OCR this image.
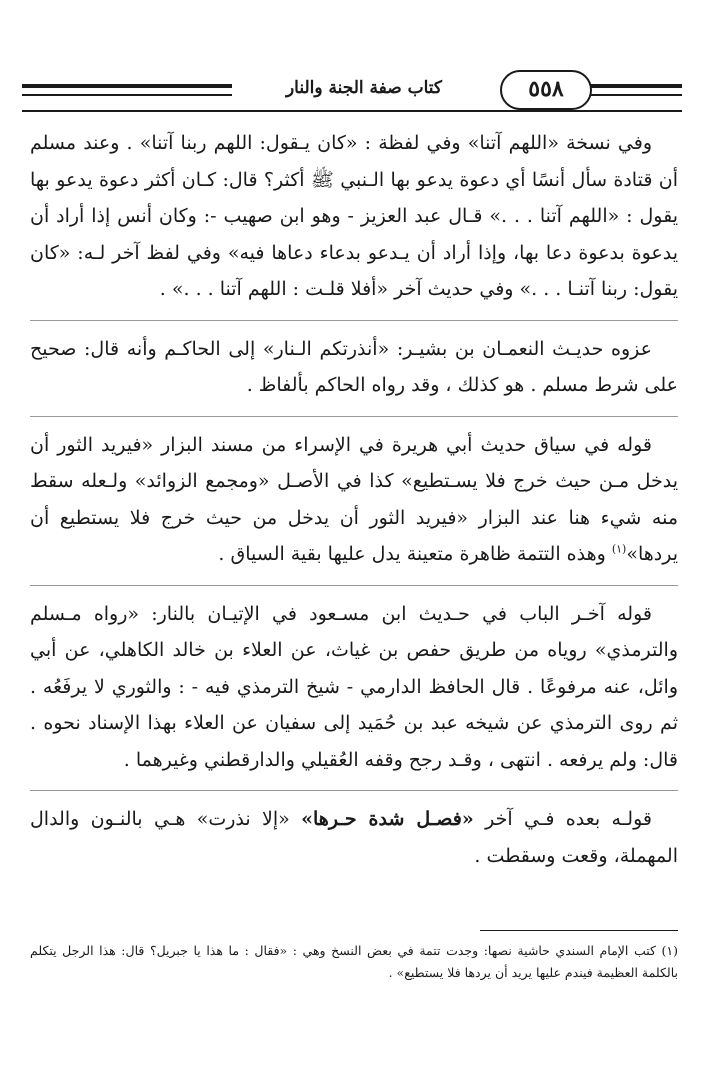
٥٥٨
كتاب صفة الجنة والنار

وفي نسخة «اللهم آتنا» وفي لفظة : «كان يـقول: اللهم ربنا آتنا» . وعند مسلم أن قتادة سأل أنسًا أي دعوة يدعو بها الـنبي ﷺ أكثر؟ قال: كـان أكثر دعوة يدعو بها يقول : «اللهم آتنا . . .» قـال عبد العزيز - وهو ابن صهيب -: وكان أنس إذا أراد أن يدعوة بدعوة دعا بها، وإذا أراد أن يـدعو بدعاء دعاها فيه» وفي لفظ آخر لـه: «كان يقول: ربنا آتنـا . . .» وفي حديث آخر «أفلا قلـت : اللهم آتنا . . .» .

عزوه حديـث النعمـان بن بشيـر: «أنذرتكم الـنار» إلى الحاكـم وأنه قال: صحيح على شرط مسلم . هو كذلك ، وقد رواه الحاكم بألفاظ .

قوله في سياق حديث أبي هريرة في الإسراء من مسند البزار «فيريد الثور أن يدخل مـن حيث خرج فلا يسـتطيع» كذا في الأصـل «ومجمع الزوائد» ولـعله سقط منه شيء هنا عند البزار «فيريد الثور أن يدخل من حيث خرج فلا يستطيع أن يردها»$^{(١)}$ وهذه التتمة ظاهرة متعينة يدل عليها بقية السياق .

قوله آخـر الباب في حـديث ابن مسـعود في الإتيـان بالنار: «رواه مـسلم والترمذي» روياه من طريق حفص بن غياث، عن العلاء بن خالد الكاهلي، عن أبي وائل، عنه مرفوعًا . قال الحافظ الدارمي - شيخ الترمذي فيه - : والثوري لا يرفَعُه . ثم روى الترمذي عن شيخه عبد بن حُمَيد إلى سفيان عن العلاء بهذا الإسناد نحوه . قال: ولم يرفعه . انتهى ، وقـد رجح وقفه العُقيلي والدارقطني وغيرهما .

قولـه بعده فـي آخر «فصـل شدة حـرها» «إلا نذرت» هـي بالنـون والدال المهملة، وقعت وسقطت .

(١) كتب الإمام السندي حاشية نصها: وجدت تتمة في بعض النسخ وهي : «فقال : ما هذا يا جبريل؟ قال: هذا الرجل يتكلم بالكلمة العظيمة فيندم عليها يريد أن يردها فلا يستطيع» .
